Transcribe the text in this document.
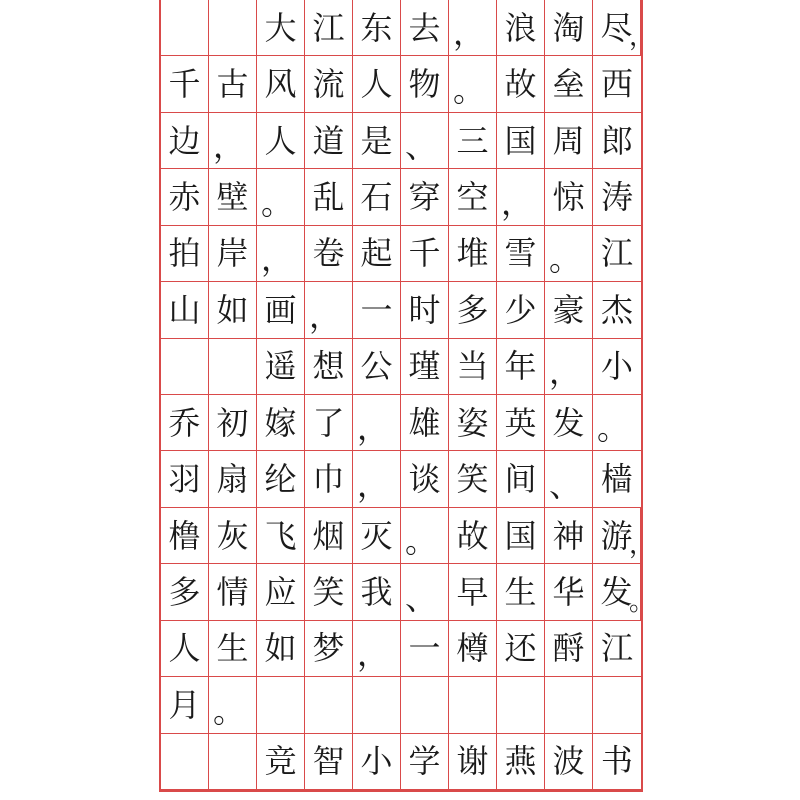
大 江 东 去 ， 浪 淘 尽
，
千 古 风 流 人 物 。 故 垒 西
边 ， 人 道 是 、 三 国 周 郎
赤 壁 。 乱 石 穿 空 ， 惊 涛
拍 岸 ， 卷 起 千 堆 雪 。 江
山 如 画 ， 一 时 多 少 豪 杰
遥 想 公 瑾 当 年 ， 小
乔 初 嫁 了 ， 雄 姿 英 发 。
羽 扇 纶 巾 ， 谈 笑 间 、 樯
橹 灰 飞 烟 灭 。 故 国 神 游
，
多 情 应 笑 我 、 早 生 华 发
。
人 生 如 梦 ， 一 樽 还 酹 江
月 。
竞 智 小 学 谢 燕 波 书
